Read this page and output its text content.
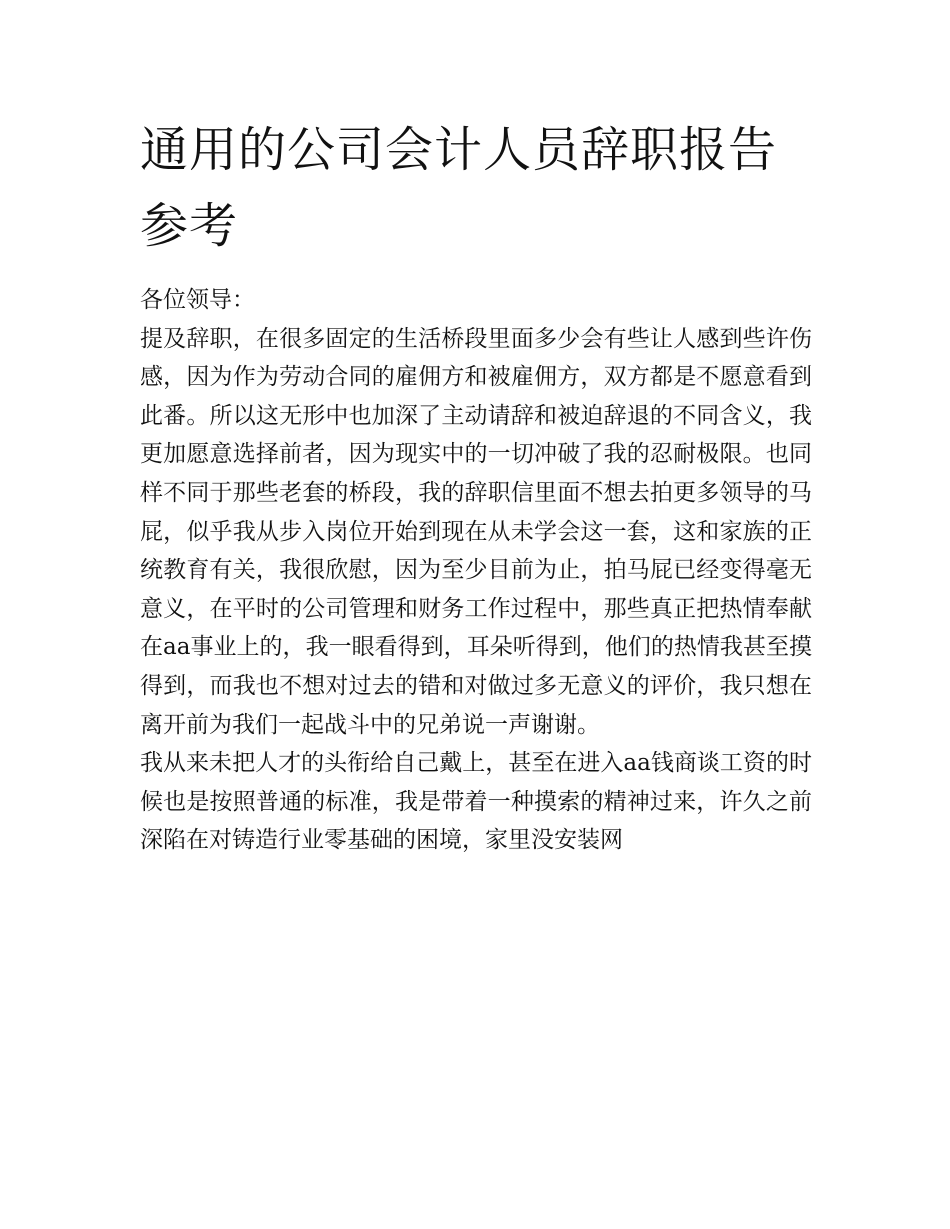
通用的公司会计人员辞职报告参考

各位领导：

提及辞职，在很多固定的生活桥段里面多少会有些让人感到些许伤感，因为作为劳动合同的雇佣方和被雇佣方，双方都是不愿意看到此番。所以这无形中也加深了主动请辞和被迫辞退的不同含义，我更加愿意选择前者，因为现实中的一切冲破了我的忍耐极限。也同样不同于那些老套的桥段，我的辞职信里面不想去拍更多领导的马屁，似乎我从步入岗位开始到现在从未学会这一套，这和家族的正统教育有关，我很欣慰，因为至少目前为止，拍马屁已经变得毫无意义，在平时的公司管理和财务工作过程中，那些真正把热情奉献在aa事业上的，我一眼看得到，耳朵听得到，他们的热情我甚至摸得到，而我也不想对过去的错和对做过多无意义的评价，我只想在离开前为我们一起战斗中的兄弟说一声谢谢。

我从来未把人才的头衔给自己戴上，甚至在进入aa钱商谈工资的时候也是按照普通的标准，我是带着一种摸索的精神过来，许久之前深陷在对铸造行业零基础的困境，家里没安装网
